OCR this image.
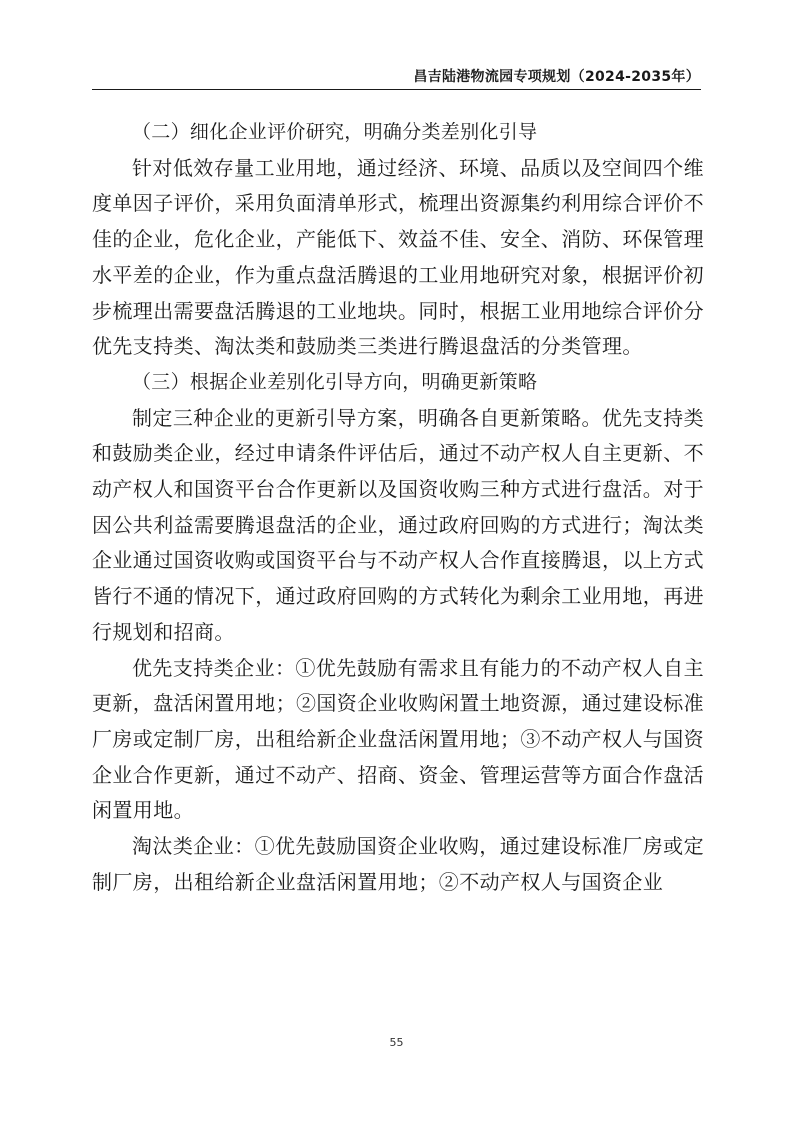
昌吉陆港物流园专项规划（2024-2035年）

（二）细化企业评价研究，明确分类差别化引导

针对低效存量工业用地，通过经济、环境、品质以及空间四个维度单因子评价，采用负面清单形式，梳理出资源集约利用综合评价不佳的企业，危化企业，产能低下、效益不佳、安全、消防、环保管理水平差的企业，作为重点盘活腾退的工业用地研究对象，根据评价初步梳理出需要盘活腾退的工业地块。同时，根据工业用地综合评价分优先支持类、淘汰类和鼓励类三类进行腾退盘活的分类管理。

（三）根据企业差别化引导方向，明确更新策略

制定三种企业的更新引导方案，明确各自更新策略。优先支持类和鼓励类企业，经过申请条件评估后，通过不动产权人自主更新、不动产权人和国资平台合作更新以及国资收购三种方式进行盘活。对于因公共利益需要腾退盘活的企业，通过政府回购的方式进行；淘汰类企业通过国资收购或国资平台与不动产权人合作直接腾退，以上方式皆行不通的情况下，通过政府回购的方式转化为剩余工业用地，再进行规划和招商。

优先支持类企业：①优先鼓励有需求且有能力的不动产权人自主更新，盘活闲置用地；②国资企业收购闲置土地资源，通过建设标准厂房或定制厂房，出租给新企业盘活闲置用地；③不动产权人与国资企业合作更新，通过不动产、招商、资金、管理运营等方面合作盘活闲置用地。

淘汰类企业：①优先鼓励国资企业收购，通过建设标准厂房或定制厂房，出租给新企业盘活闲置用地；②不动产权人与国资企业

55
